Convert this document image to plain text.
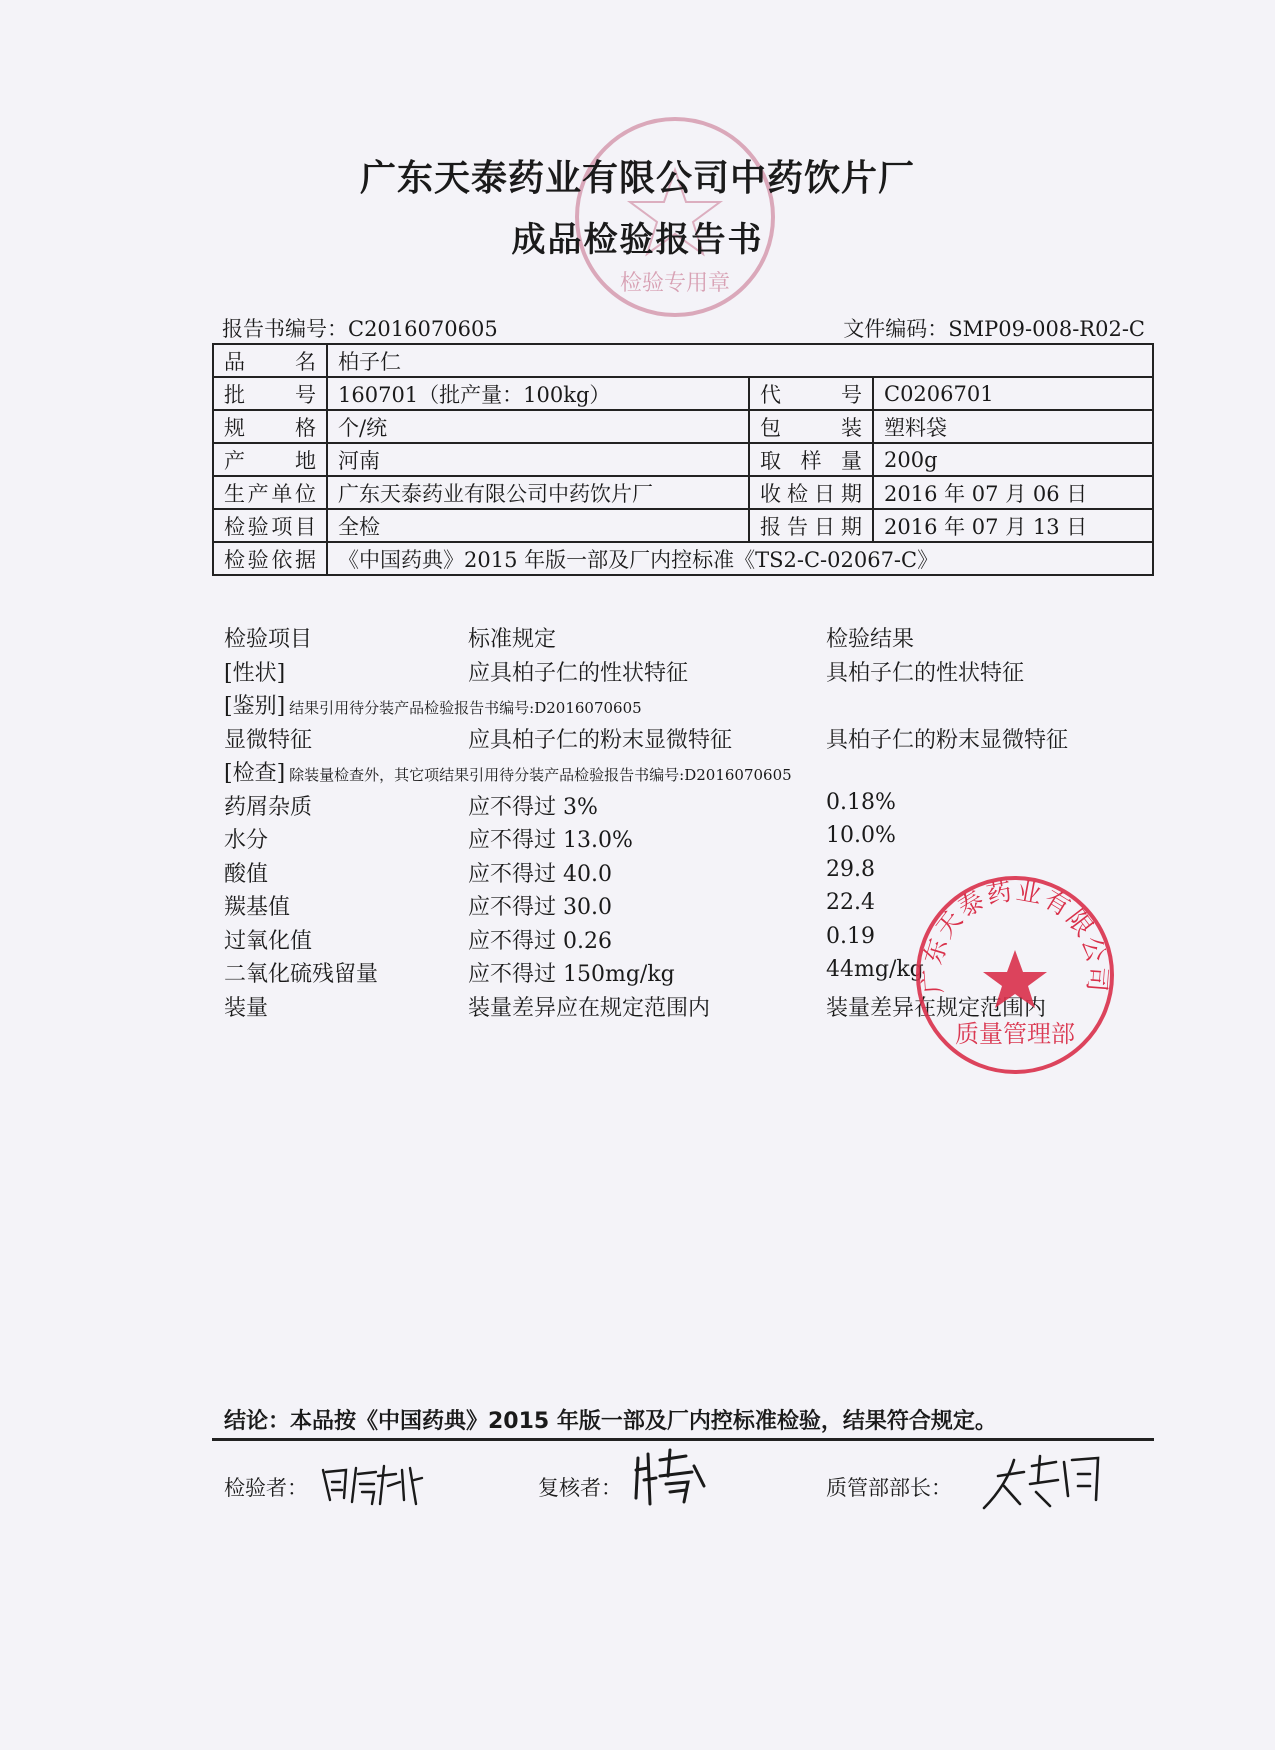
检验专用章
广东天泰药业有限公司中药饮片厂
成品检验报告书
报告书编号：C2016070605	文件编码：SMP09-008-R02-C
品名	柏子仁		
批号	160701（批产量：100kg）	代号	C0206701
规格	个/统	包装	塑料袋
产地	河南	取样量	200g
生产单位	广东天泰药业有限公司中药饮片厂	收检日期	2016 年 07 月 06 日
检验项目	全检	报告日期	2016 年 07 月 13 日
检验依据	《中国药典》2015 年版一部及厂内控标准《TS2-C-02067-C》		
检验项目	标准规定	检验结果
[性状]	应具柏子仁的性状特征	具柏子仁的性状特征
[鉴别] 结果引用待分装产品检验报告书编号:D2016070605
显微特征	应具柏子仁的粉末显微特征	具柏子仁的粉末显微特征
[检查] 除装量检查外，其它项结果引用待分装产品检验报告书编号:D2016070605
药屑杂质	应不得过 3%	0.18%
水分	应不得过 13.0%	10.0%
酸值	应不得过 40.0	29.8
羰基值	应不得过 30.0	22.4
过氧化值	应不得过 0.26	0.19
二氧化硫残留量	应不得过 150mg/kg	44mg/kg
装量	装量差异应在规定范围内	装量差异在规定范围内
广东天泰药业有限公司
质量管理部
结论：本品按《中国药典》2015 年版一部及厂内控标准检验，结果符合规定。
检验者：	复核者：	质管部部长：
